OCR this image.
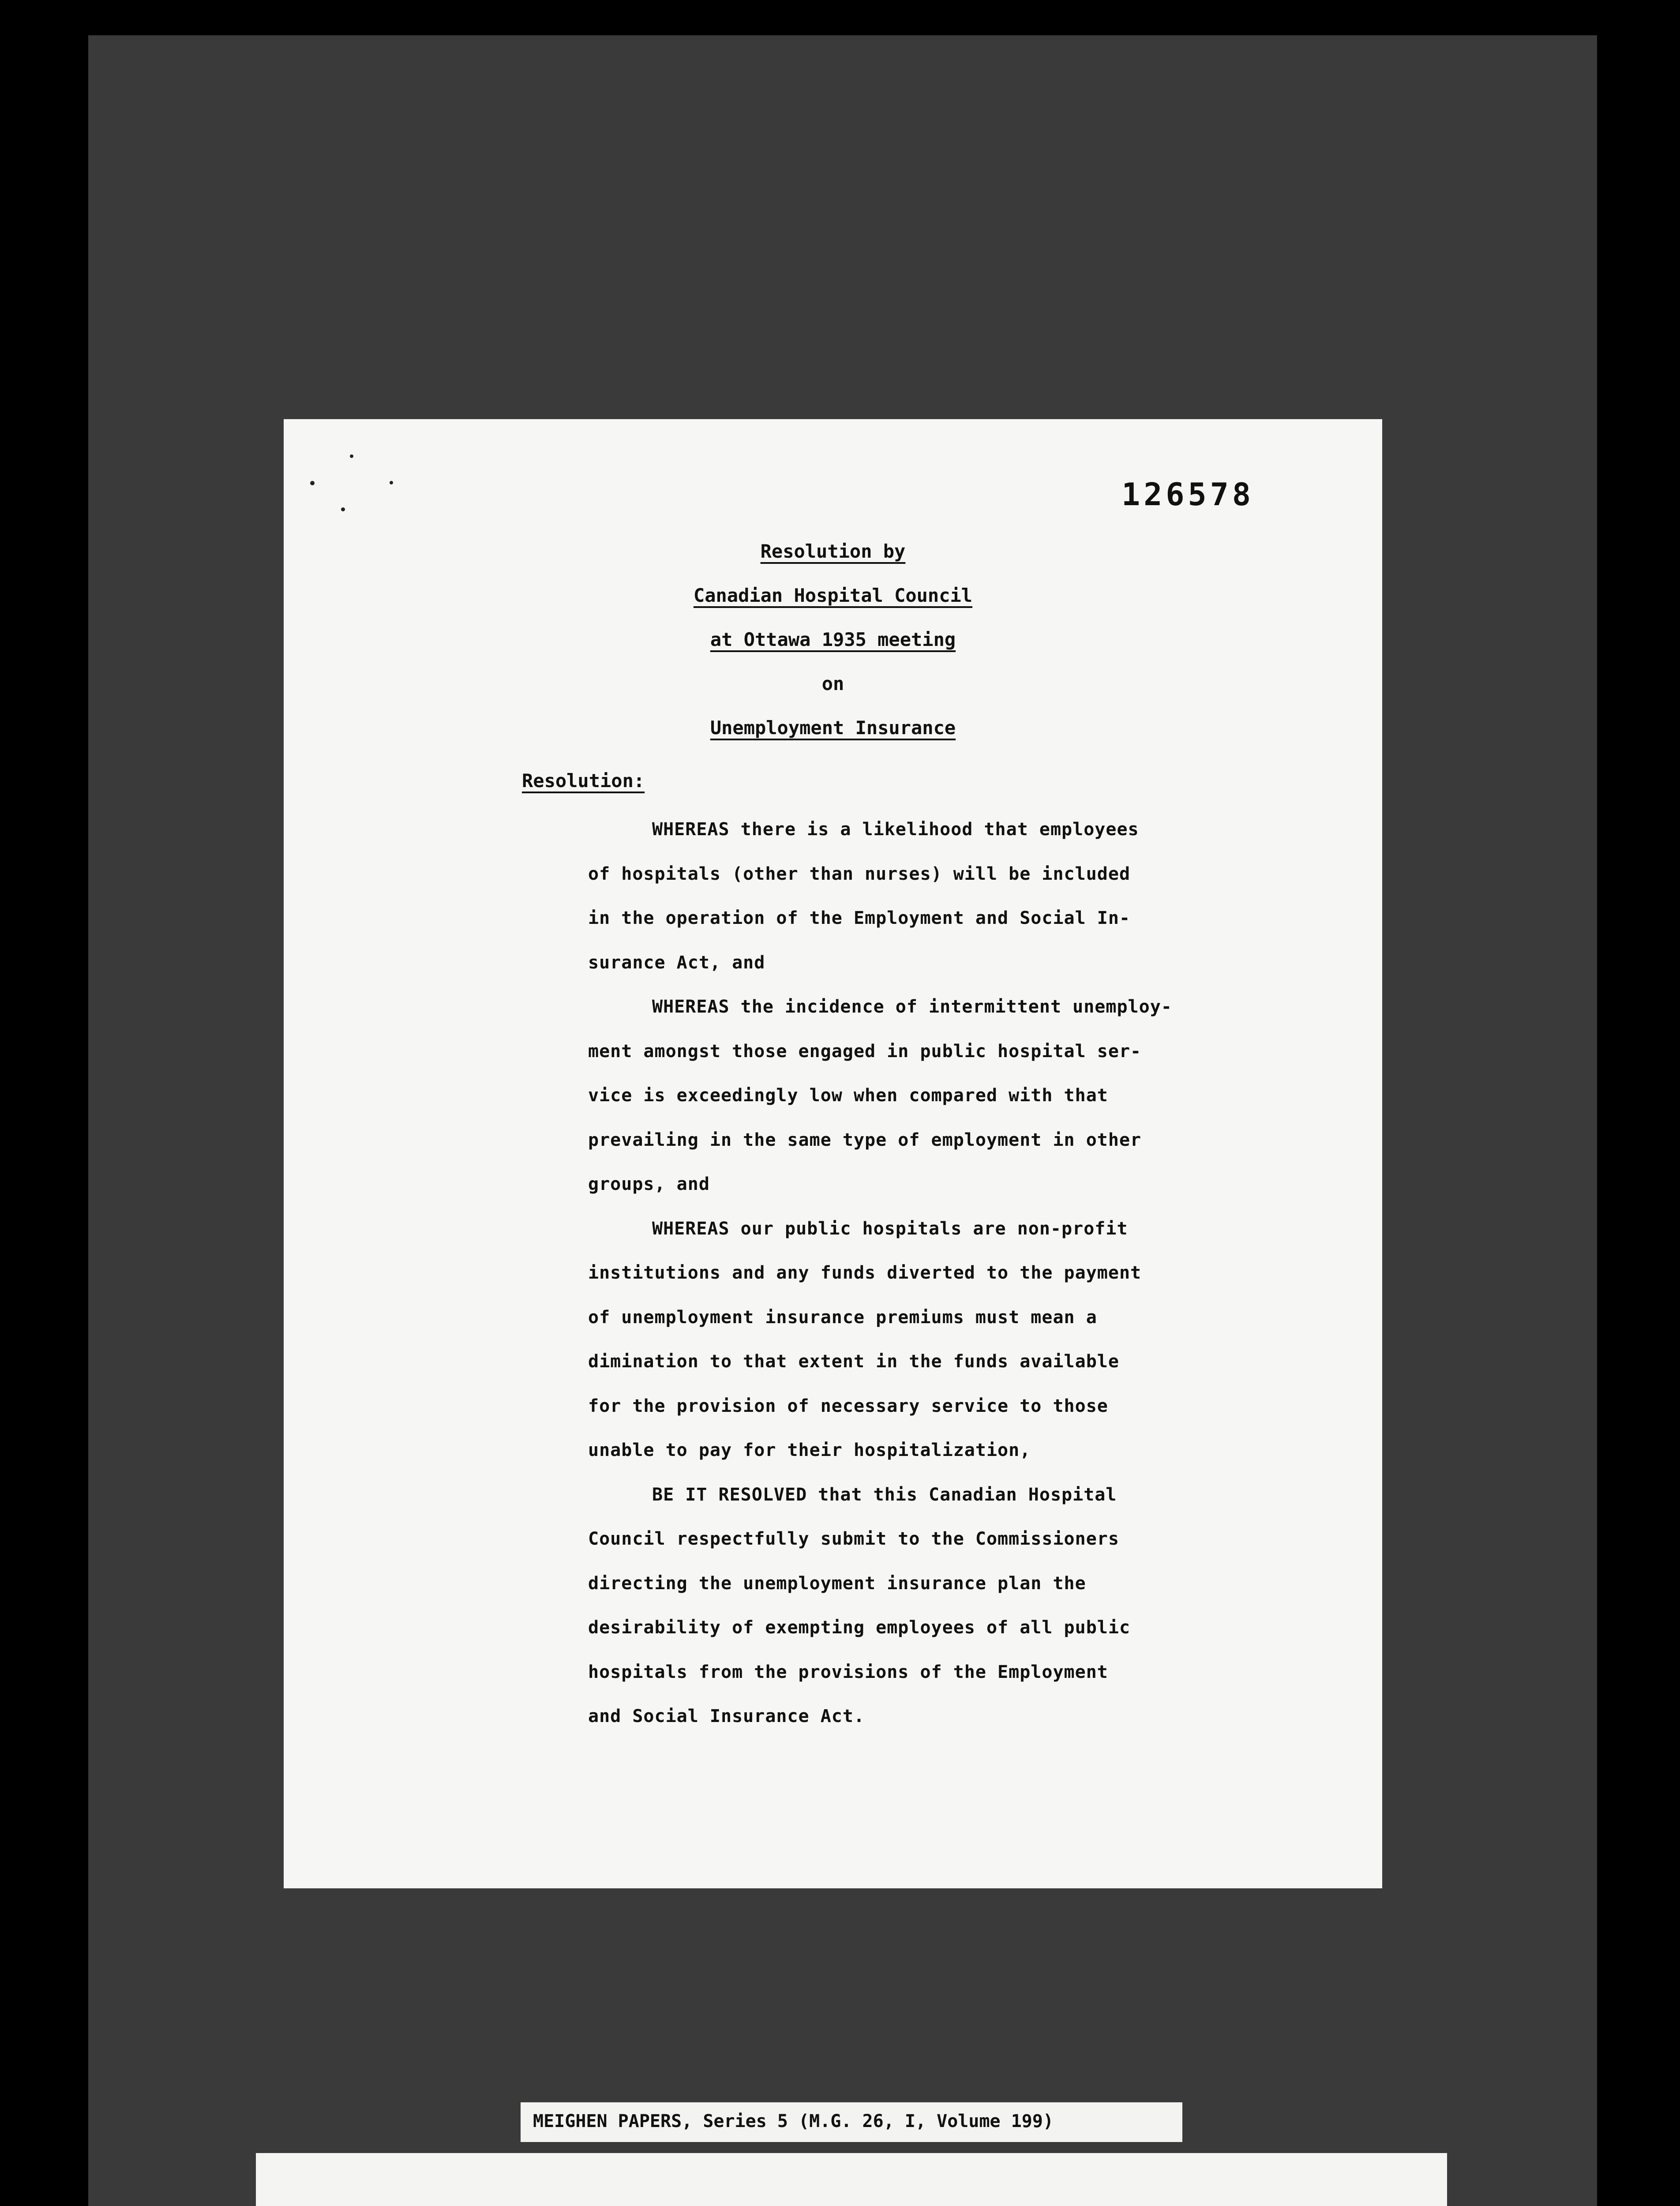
126578
Resolution by
Canadian Hospital Council
at Ottawa 1935 meeting
on
Unemployment Insurance
Resolution:
WHEREAS there is a likelihood that employees
of hospitals (other than nurses) will be included
in the operation of the Employment and Social In-
surance Act, and
WHEREAS the incidence of intermittent unemploy-
ment amongst those engaged in public hospital ser-
vice is exceedingly low when compared with that
prevailing in the same type of employment in other
groups, and
WHEREAS our public hospitals are non-profit
institutions and any funds diverted to the payment
of unemployment insurance premiums must mean a
dimination to that extent in the funds available
for the provision of necessary service to those
unable to pay for their hospitalization,
BE IT RESOLVED that this Canadian Hospital
Council respectfully submit to the Commissioners
directing the unemployment insurance plan the
desirability of exempting employees of all public
hospitals from the provisions of the Employment
and Social Insurance Act.
MEIGHEN PAPERS, Series 5 (M.G. 26, I, Volume 199)
